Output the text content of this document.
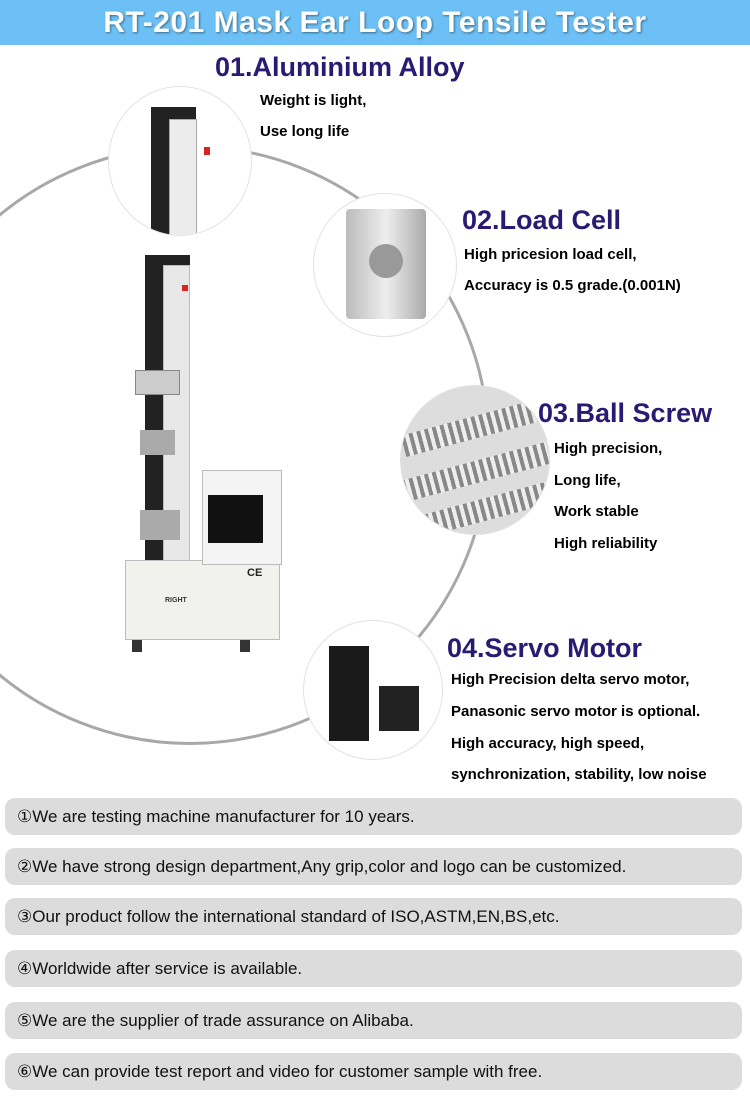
RT-201 Mask Ear Loop Tensile Tester
RIGHT
CE
01.Aluminium Alloy
Weight is light,
Use long life
02.Load Cell
High pricesion load cell,
Accuracy is 0.5 grade.(0.001N)
03.Ball Screw
High precision,
Long life,
Work stable
High reliability
04.Servo Motor
High Precision delta servo motor,
Panasonic servo motor is optional.
High accuracy, high speed,
synchronization, stability, low noise
①We are testing machine manufacturer for 10 years.
②We have strong design department,Any grip,color and logo can be customized.
③Our product follow the international standard of ISO,ASTM,EN,BS,etc.
④Worldwide after service is available.
⑤We are the supplier of trade assurance on Alibaba.
⑥We can provide test report and video for customer sample with free.
